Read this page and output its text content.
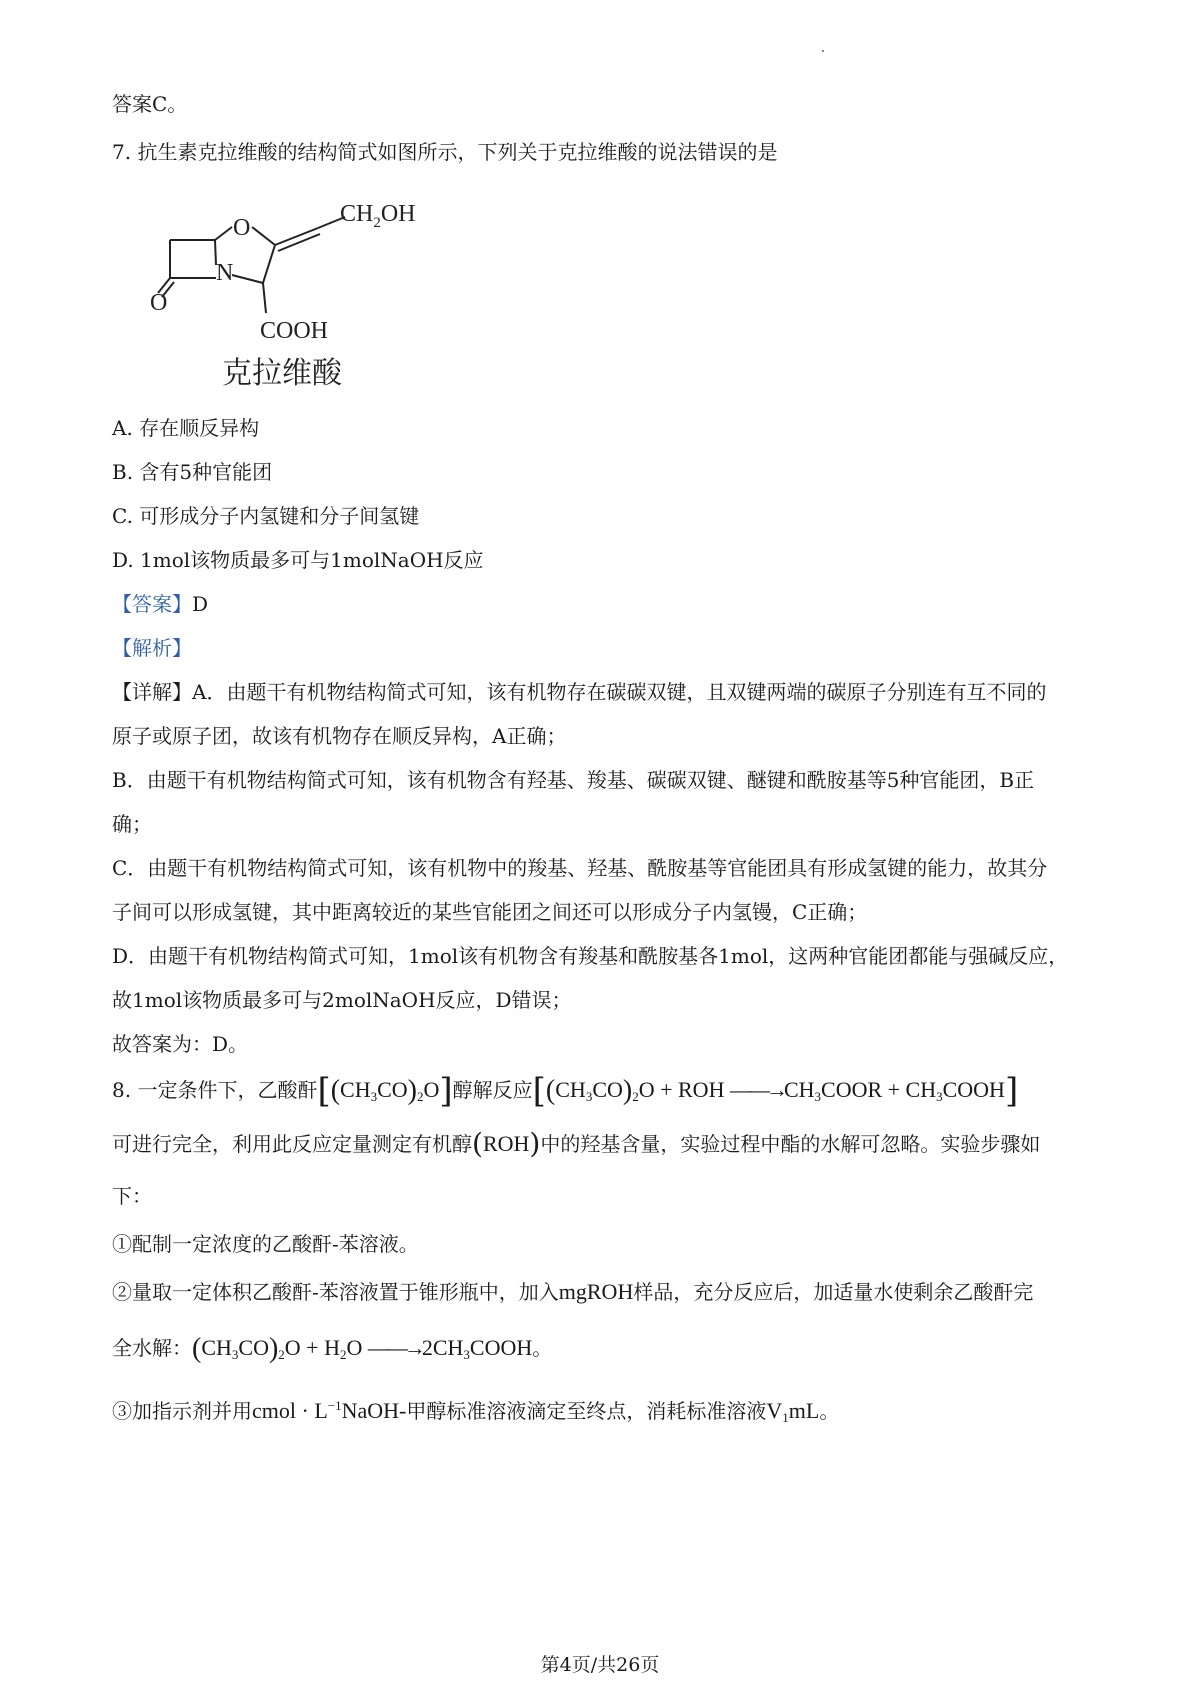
答案C。
7. 抗生素克拉维酸的结构简式如图所示，下列关于克拉维酸的说法错误的是
$CH_2OH$
O
N
O
COOH
克拉维酸
A. 存在顺反异构
B. 含有5种官能团
C. 可形成分子内氢键和分子间氢键
D. 1mol该物质最多可与1molNaOH反应
【答案】D
【解析】
【详解】A．由题干有机物结构简式可知，该有机物存在碳碳双键，且双键两端的碳原子分别连有互不同的
原子或原子团，故该有机物存在顺反异构，A正确；
B．由题干有机物结构简式可知，该有机物含有羟基、羧基、碳碳双键、醚键和酰胺基等5种官能团，B正
确；
C．由题干有机物结构简式可知，该有机物中的羧基、羟基、酰胺基等官能团具有形成氢键的能力，故其分
子间可以形成氢键，其中距离较近的某些官能团之间还可以形成分子内氢镘，C正确；
D．由题干有机物结构简式可知，1mol该有机物含有羧基和酰胺基各1mol，这两种官能团都能与强碱反应，
故1mol该物质最多可与2molNaOH反应，D错误；
故答案为：D。
8. 一定条件下，乙酸酐$[(CH_3CO)_2O]$醇解反应[$(CH_3CO)_2O$ + ROH $——\to CH_3COOR$ + $CH_3COOH$]
可进行完全，利用此反应定量测定有机醇(ROH)中的羟基含量，实验过程中酯的水解可忽略。实验步骤如
下：
①配制一定浓度的乙酸酐-苯溶液。
②量取一定体积乙酸酐-苯溶液置于锥形瓶中，加入mgROH样品，充分反应后，加适量水使剩余乙酸酐完
全水解：$(CH_3CO)_2O + H_2O$ $——\to 2CH_3COOH$。
③加指示剂并用cmol · $L^{-1}NaOH-$甲醇标准溶液滴定至终点，消耗标准溶液$V_1mL$。
第4页/共26页
